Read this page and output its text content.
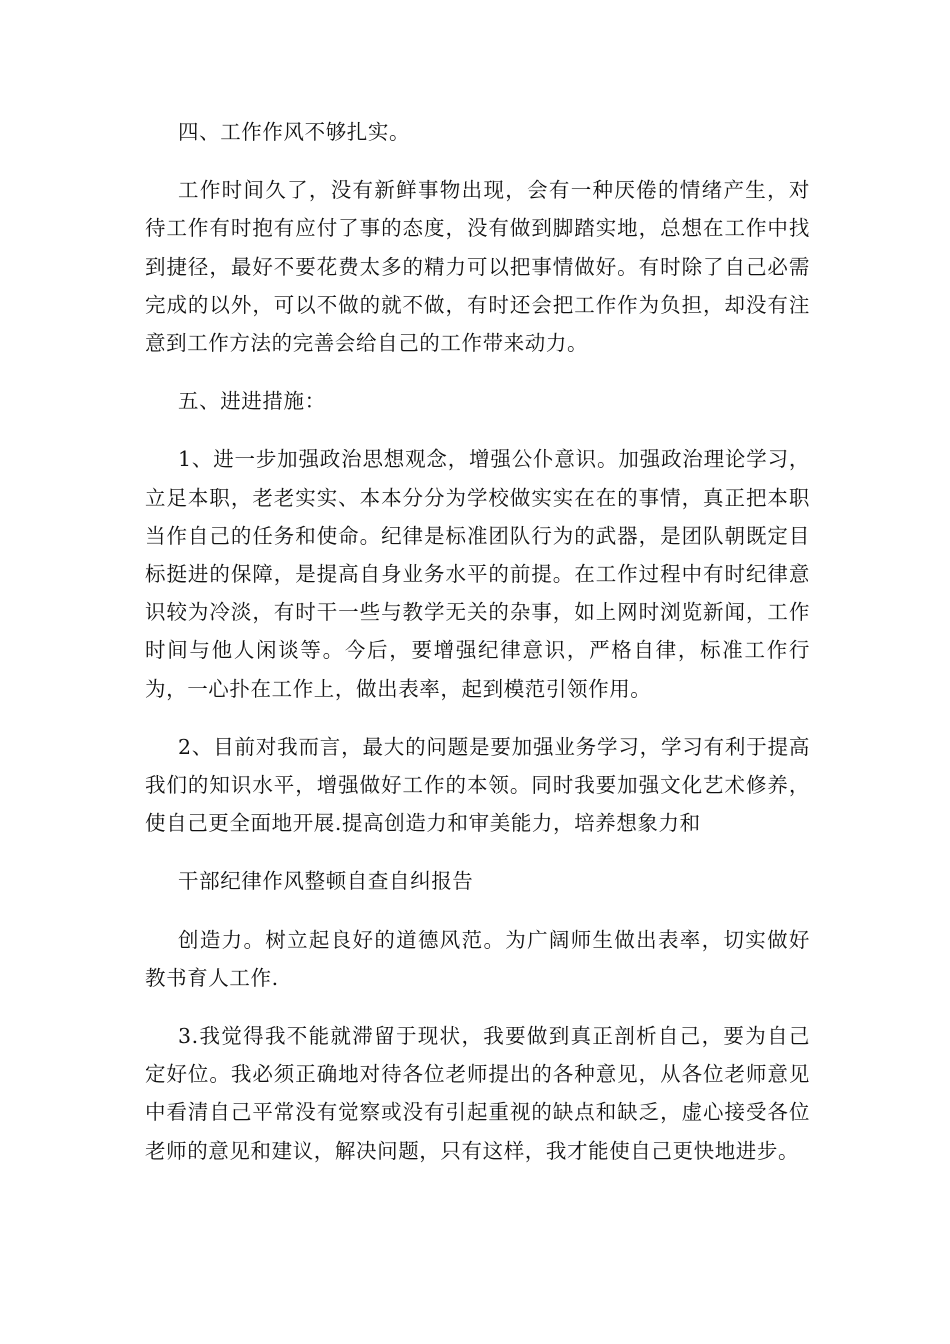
四、工作作风不够扎实。

工作时间久了，没有新鲜事物出现，会有一种厌倦的情绪产生，对待工作有时抱有应付了事的态度，没有做到脚踏实地，总想在工作中找到捷径，最好不要花费太多的精力可以把事情做好。有时除了自己必需完成的以外，可以不做的就不做，有时还会把工作作为负担，却没有注意到工作方法的完善会给自己的工作带来动力。

五、进进措施：

1、进一步加强政治思想观念，增强公仆意识。加强政治理论学习，立足本职，老老实实、本本分分为学校做实实在在的事情，真正把本职当作自己的任务和使命。纪律是标准团队行为的武器，是团队朝既定目标挺进的保障，是提高自身业务水平的前提。在工作过程中有时纪律意识较为冷淡，有时干一些与教学无关的杂事，如上网时浏览新闻，工作时间与他人闲谈等。今后，要增强纪律意识，严格自律，标准工作行为，一心扑在工作上，做出表率，起到模范引领作用。

2、目前对我而言，最大的问题是要加强业务学习，学习有利于提高我们的知识水平，增强做好工作的本领。同时我要加强文化艺术修养，使自己更全面地开展.提高创造力和审美能力，培养想象力和

干部纪律作风整顿自查自纠报告

创造力。树立起良好的道德风范。为广阔师生做出表率，切实做好教书育人工作.

3.我觉得我不能就滞留于现状，我要做到真正剖析自己，要为自己定好位。我必须正确地对待各位老师提出的各种意见，从各位老师意见中看清自己平常没有觉察或没有引起重视的缺点和缺乏，虚心接受各位老师的意见和建议，解决问题，只有这样，我才能使自己更快地进步。
